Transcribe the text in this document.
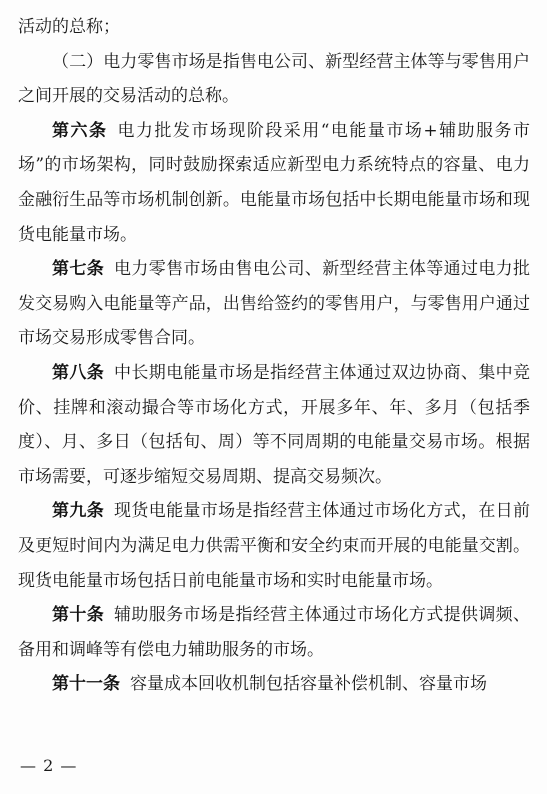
活动的总称；

（二）电力零售市场是指售电公司、新型经营主体等与零售用户之间开展的交易活动的总称。

第六条 电力批发市场现阶段采用“电能量市场+辅助服务市场”的市场架构，同时鼓励探索适应新型电力系统特点的容量、电力金融衍生品等市场机制创新。电能量市场包括中长期电能量市场和现货电能量市场。

第七条 电力零售市场由售电公司、新型经营主体等通过电力批发交易购入电能量等产品，出售给签约的零售用户，与零售用户通过市场交易形成零售合同。

第八条 中长期电能量市场是指经营主体通过双边协商、集中竞价、挂牌和滚动撮合等市场化方式，开展多年、年、多月（包括季度）、月、多日（包括旬、周）等不同周期的电能量交易市场。根据市场需要，可逐步缩短交易周期、提高交易频次。

第九条 现货电能量市场是指经营主体通过市场化方式，在日前及更短时间内为满足电力供需平衡和安全约束而开展的电能量交割。现货电能量市场包括日前电能量市场和实时电能量市场。

第十条 辅助服务市场是指经营主体通过市场化方式提供调频、备用和调峰等有偿电力辅助服务的市场。

第十一条 容量成本回收机制包括容量补偿机制、容量市场

— 2 —
